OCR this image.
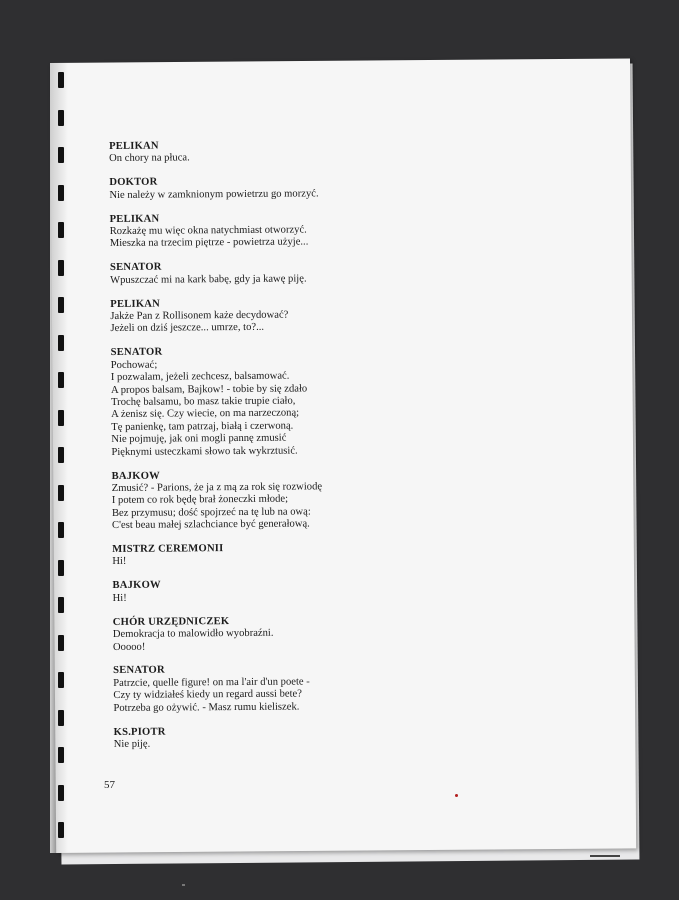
PELIKAN
On chory na płuca.
DOKTOR
Nie należy w zamknionym powietrzu go morzyć.
PELIKAN
Rozkażę mu więc okna natychmiast otworzyć.
Mieszka na trzecim piętrze - powietrza użyje...
SENATOR
Wpuszczać mi na kark babę, gdy ja kawę piję.
PELIKAN
Jakże Pan z Rollisonem każe decydować?
Jeżeli on dziś jeszcze... umrze, to?...
SENATOR
Pochować;
I pozwalam, jeżeli zechcesz, balsamować.
A propos balsam, Bajkow! - tobie by się zdało
Trochę balsamu, bo masz takie trupie ciało,
A żenisz się. Czy wiecie, on ma narzeczoną;
Tę panienkę, tam patrzaj, białą i czerwoną.
Nie pojmuję, jak oni mogli pannę zmusić
Pięknymi usteczkami słowo tak wykrztusić.
BAJKOW
Zmusić? - Parions, że ja z mą za rok się rozwiodę
I potem co rok będę brał żoneczki młode;
Bez przymusu; dość spojrzeć na tę lub na ową:
C'est beau małej szlachciance być generałową.
MISTRZ CEREMONII
Hi!
BAJKOW
Hi!
CHÓR URZĘDNICZEK
Demokracja to malowidło wyobraźni.
Ooooo!
SENATOR
Patrzcie, quelle figure! on ma l'air d'un poete -
Czy ty widziałeś kiedy un regard aussi bete?
Potrzeba go ożywić. - Masz rumu kieliszek.
KS.PIOTR
Nie piję.
57
